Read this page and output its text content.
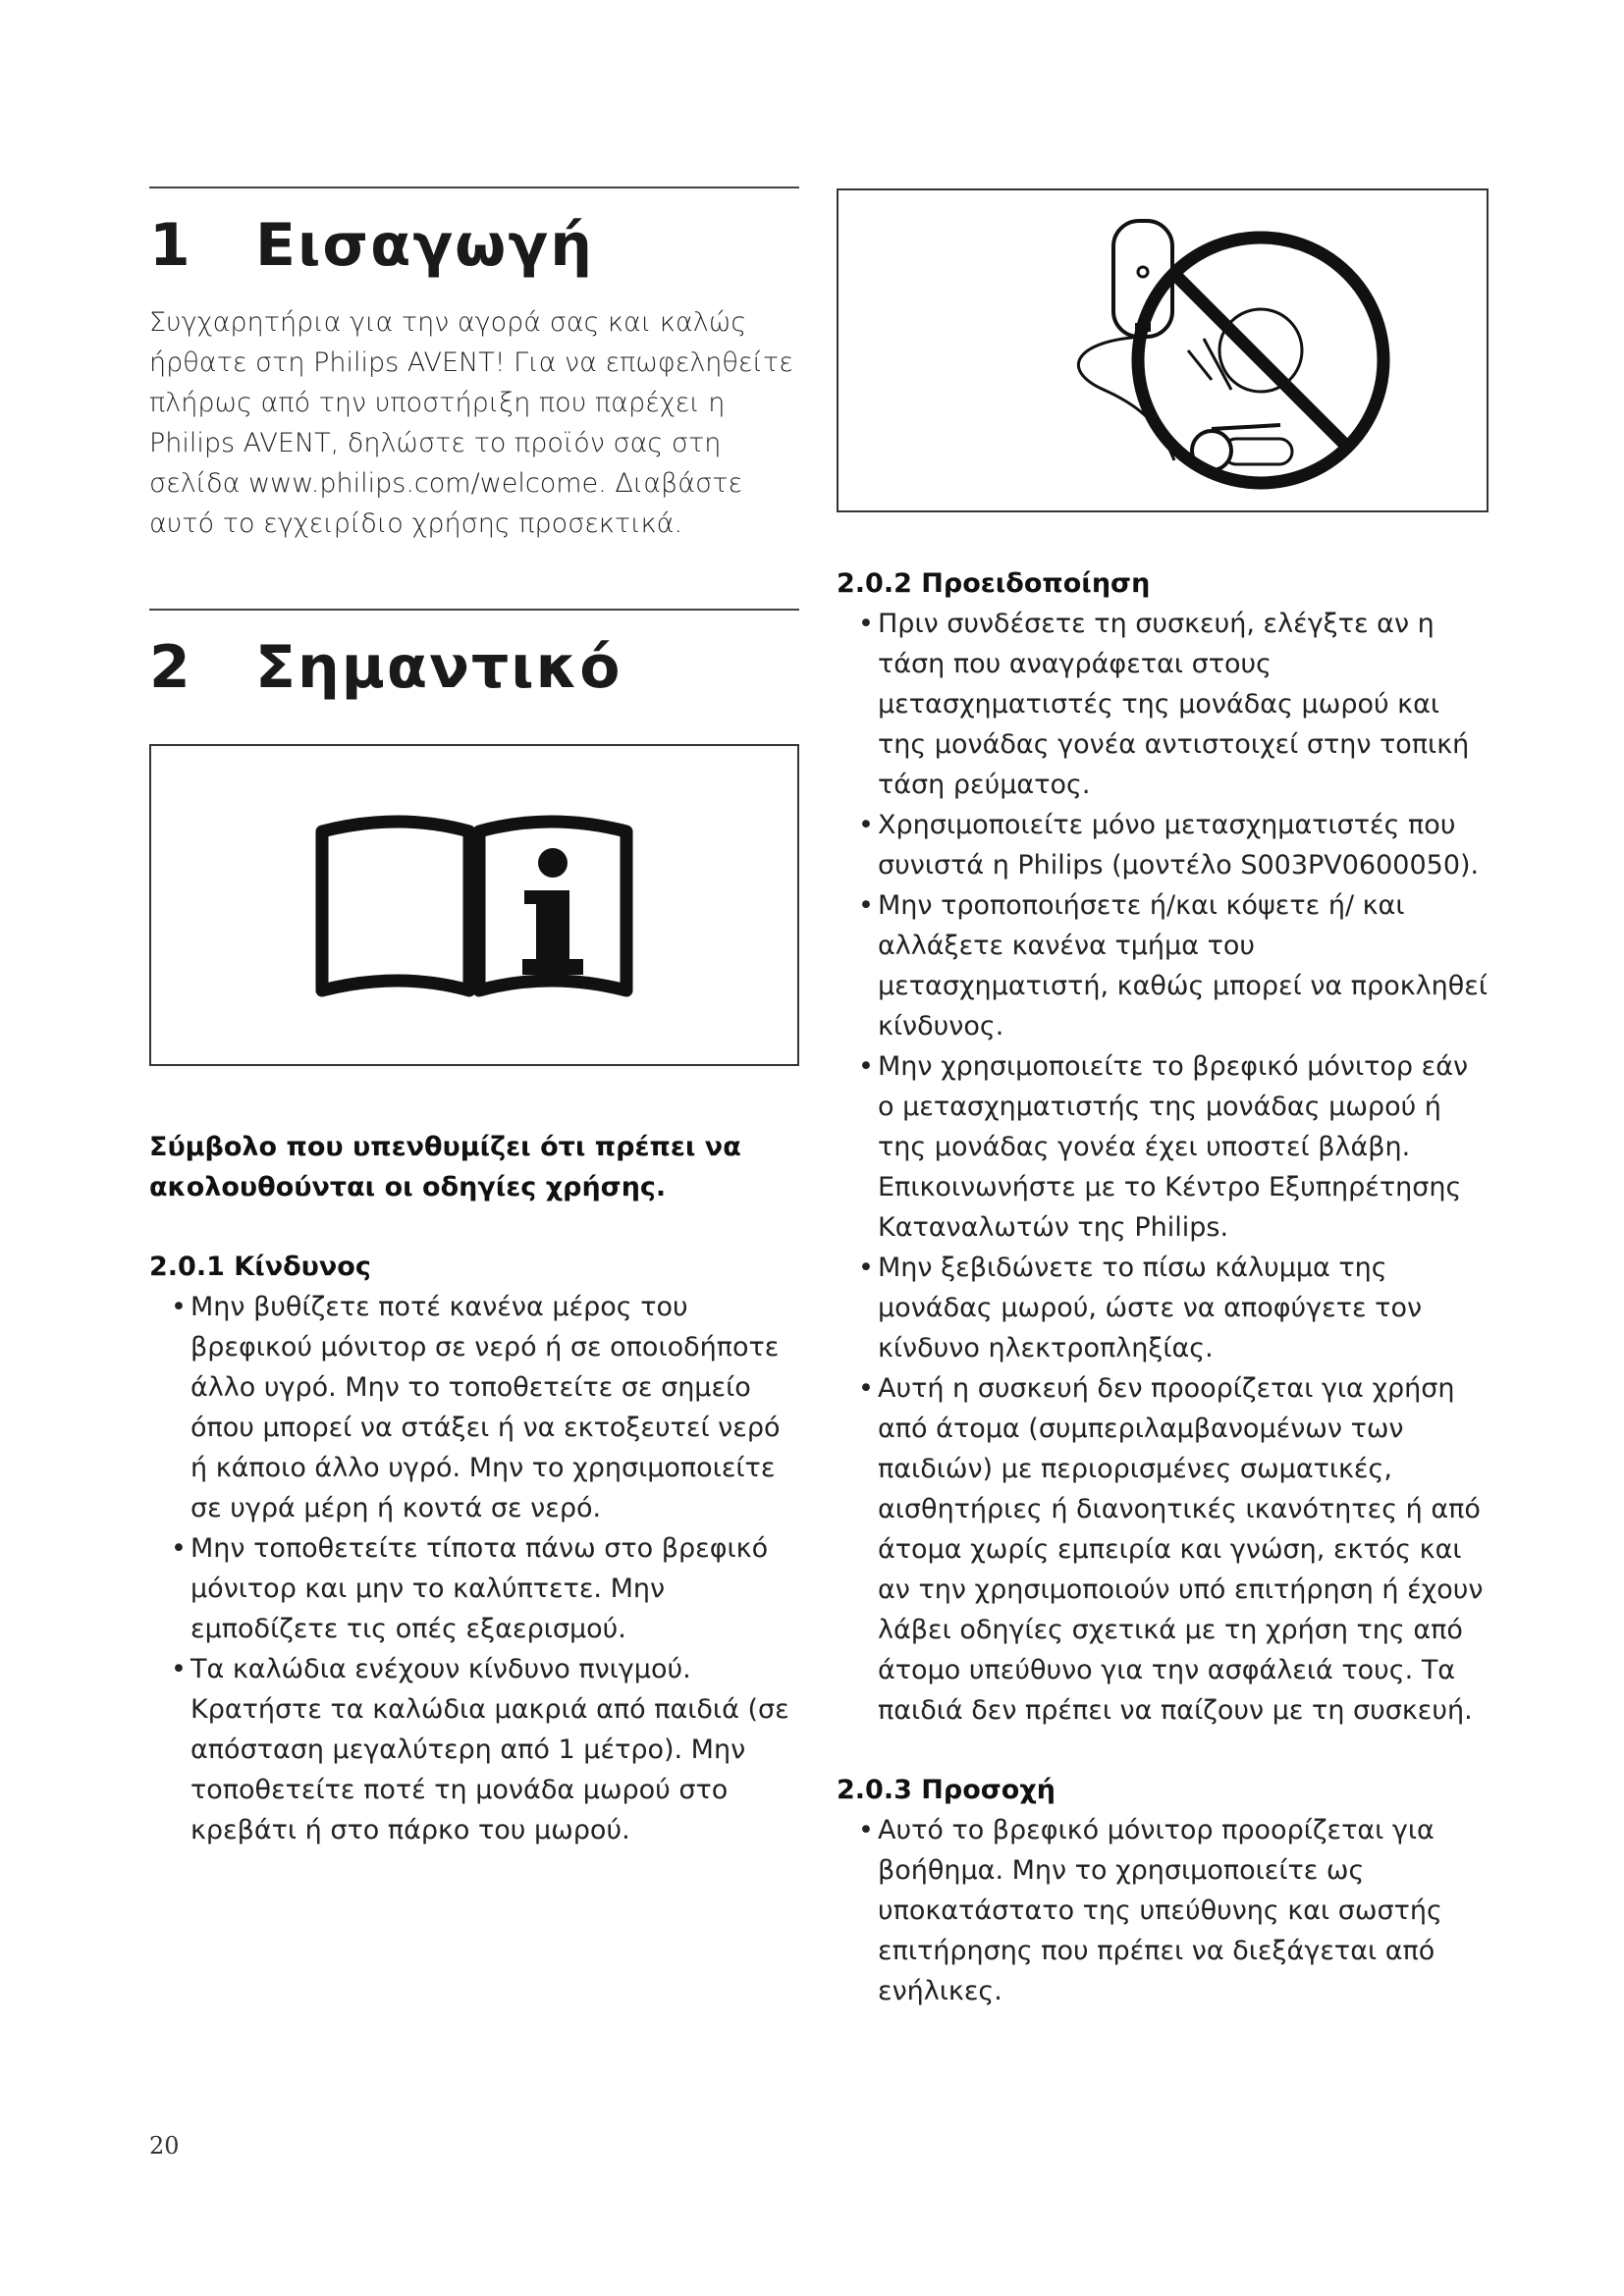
1	Εισαγωγή

Συγχαρητήρια για την αγορά σας και καλώς ήρθατε στη Philips AVENT! Για να επωφεληθείτε πλήρως από την υποστήριξη που παρέχει η Philips AVENT, δηλώστε το προϊόν σας στη σελίδα www.philips.com/welcome. Διαβάστε αυτό το εγχειρίδιο χρήσης προσεκτικά.

2	Σημαντικό

Σύμβολο που υπενθυμίζει ότι πρέπει να ακολουθούνται οι οδηγίες χρήσης.

2.0.1 Κίνδυνος

• Μην βυθίζετε ποτέ κανένα μέρος του βρεφικού μόνιτορ σε νερό ή σε οποιοδήποτε άλλο υγρό. Μην το τοποθετείτε σε σημείο όπου μπορεί να στάξει ή να εκτοξευτεί νερό ή κάποιο άλλο υγρό. Μην το χρησιμοποιείτε σε υγρά μέρη ή κοντά σε νερό.
• Μην τοποθετείτε τίποτα πάνω στο βρεφικό μόνιτορ και μην το καλύπτετε. Μην εμποδίζετε τις οπές εξαερισμού.
• Τα καλώδια ενέχουν κίνδυνο πνιγμού. Κρατήστε τα καλώδια μακριά από παιδιά (σε απόσταση μεγαλύτερη από 1 μέτρο). Μην τοποθετείτε ποτέ τη μονάδα μωρού στο κρεβάτι ή στο πάρκο του μωρού.

2.0.2 Προειδοποίηση

• Πριν συνδέσετε τη συσκευή, ελέγξτε αν η τάση που αναγράφεται στους μετασχηματιστές της μονάδας μωρού και της μονάδας γονέα αντιστοιχεί στην τοπική τάση ρεύματος.
• Χρησιμοποιείτε μόνο μετασχηματιστές που συνιστά η Philips (μοντέλο S003PV0600050).
• Μην τροποποιήσετε ή/και κόψετε ή/ και αλλάξετε κανένα τμήμα του μετασχηματιστή, καθώς μπορεί να προκληθεί κίνδυνος.
• Μην χρησιμοποιείτε το βρεφικό μόνιτορ εάν ο μετασχηματιστής της μονάδας μωρού ή της μονάδας γονέα έχει υποστεί βλάβη. Επικοινωνήστε με το Κέντρο Εξυπηρέτησης Καταναλωτών της Philips.
• Μην ξεβιδώνετε το πίσω κάλυμμα της μονάδας μωρού, ώστε να αποφύγετε τον κίνδυνο ηλεκτροπληξίας.
• Αυτή η συσκευή δεν προορίζεται για χρήση από άτομα (συμπεριλαμβανομένων των παιδιών) με περιορισμένες σωματικές, αισθητήριες ή διανοητικές ικανότητες ή από άτομα χωρίς εμπειρία και γνώση, εκτός και αν την χρησιμοποιούν υπό επιτήρηση ή έχουν λάβει οδηγίες σχετικά με τη χρήση της από άτομο υπεύθυνο για την ασφάλειά τους. Τα παιδιά δεν πρέπει να παίζουν με τη συσκευή.

2.0.3 Προσοχή

• Αυτό το βρεφικό μόνιτορ προορίζεται για βοήθημα. Μην το χρησιμοποιείτε ως υποκατάστατο της υπεύθυνης και σωστής επιτήρησης που πρέπει να διεξάγεται από ενήλικες.
20
